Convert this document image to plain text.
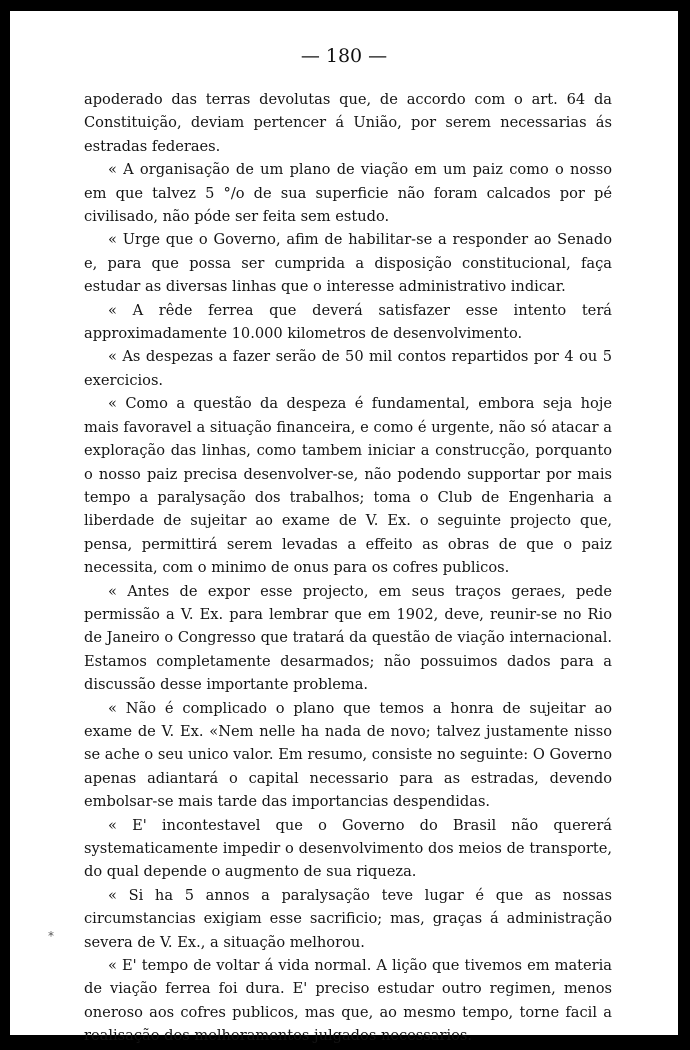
— 180 —

*

apoderado das terras devolutas que, de accordo com o art. 64 da Constituição, deviam pertencer á União, por serem necessarias ás estradas federaes.

« A organisação de um plano de viação em um paiz como o nosso em que talvez 5 °/o de sua superficie não foram calcados por pé civilisado, não póde ser feita sem estudo.

« Urge que o Governo, afim de habilitar-se a responder ao Senado e, para que possa ser cumprida a disposição constitucional, faça estudar as diversas linhas que o interesse administrativo indicar.

« A rêde ferrea que deverá satisfazer esse intento terá approximadamente 10.000 kilometros de desenvolvimento.

« As despezas a fazer serão de 50 mil contos repartidos por 4 ou 5 exercicios.

« Como a questão da despeza é fundamental, embora seja hoje mais favoravel a situação financeira, e como é urgente, não só atacar a exploração das linhas, como tambem iniciar a construcção, porquanto o nosso paiz precisa desenvolver-se, não podendo supportar por mais tempo a paralysação dos trabalhos; toma o Club de Engenharia a liberdade de sujeitar ao exame de V. Ex. o seguinte projecto que, pensa, permittirá serem levadas a effeito as obras de que o paiz necessita, com o minimo de onus para os cofres publicos.

« Antes de expor esse projecto, em seus traços geraes, pede permissão a V. Ex. para lembrar que em 1902, deve, reunir-se no Rio de Janeiro o Congresso que tratará da questão de viação internacional. Estamos completamente desarmados; não possuimos dados para a discussão desse importante problema.

« Não é complicado o plano que temos a honra de sujeitar ao exame de V. Ex. «Nem nelle ha nada de novo; talvez justamente nisso se ache o seu unico valor. Em resumo, consiste no seguinte: O Governo apenas adiantará o capital necessario para as estradas, devendo embolsar-se mais tarde das importancias despendidas.

« E' incontestavel que o Governo do Brasil não quererá systematicamente impedir o desenvolvimento dos meios de transporte, do qual depende o augmento de sua riqueza.

« Si ha 5 annos a paralysação teve lugar é que as nossas circumstancias exigiam esse sacrificio; mas, graças á administração severa de V. Ex., a situação melhorou.

« E' tempo de voltar á vida normal. A lição que tivemos em materia de viação ferrea foi dura. E' preciso estudar outro regimen, menos oneroso aos cofres publicos, mas que, ao mesmo tempo, torne facil a realisação dos melhoramentos julgados necessarios.
